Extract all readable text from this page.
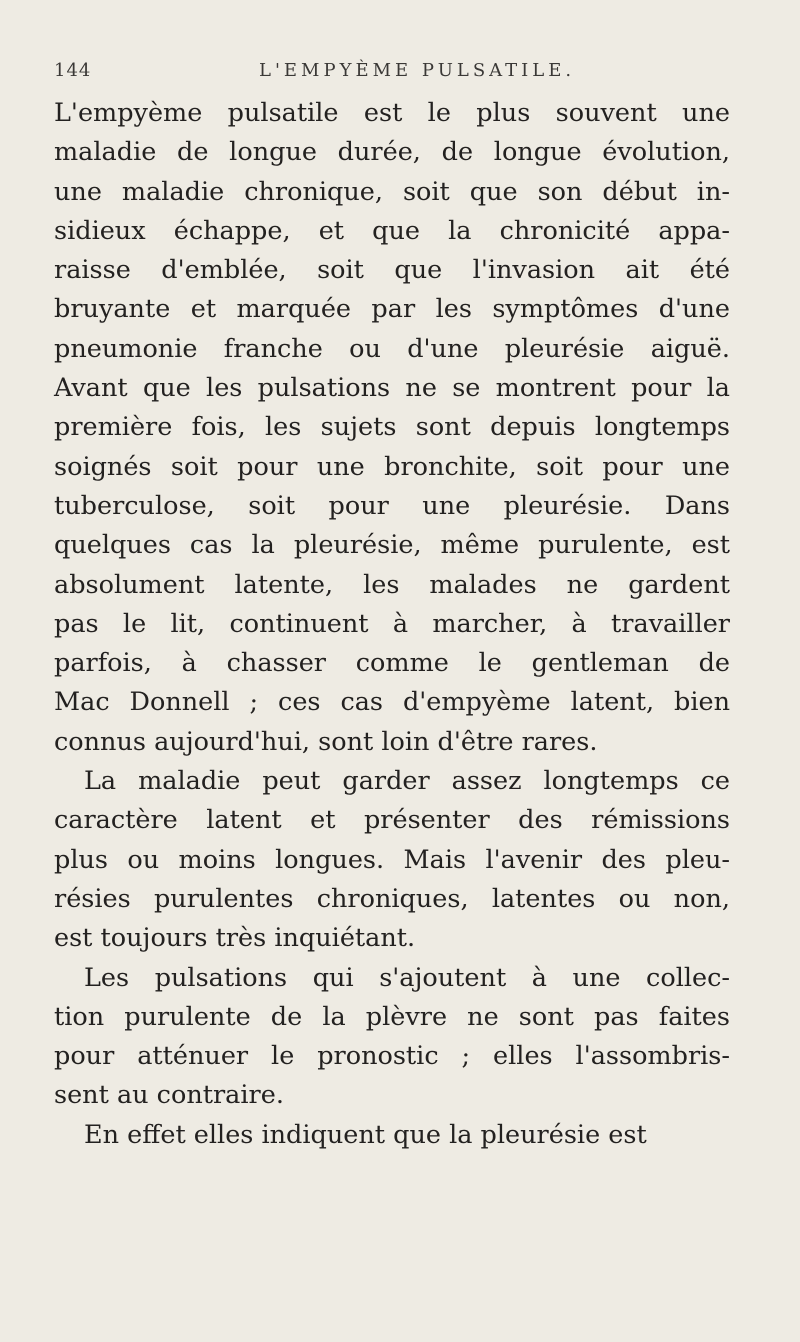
144	L'EMPYÈME PULSATILE.
L'empyème pulsatile est le plus souvent une
maladie de longue durée, de longue évolution,
une maladie chronique, soit que son début in-
sidieux échappe, et que la chronicité appa-
raisse d'emblée, soit que l'invasion ait été
bruyante et marquée par les symptômes d'une
pneumonie franche ou d'une pleurésie aiguë.
Avant que les pulsations ne se montrent pour la
première fois, les sujets sont depuis longtemps
soignés soit pour une bronchite, soit pour une
tuberculose, soit pour une pleurésie. Dans
quelques cas la pleurésie, même purulente, est
absolument latente, les malades ne gardent
pas le lit, continuent à marcher, à travailler
parfois, à chasser comme le gentleman de
Mac Donnell ; ces cas d'empyème latent, bien
connus aujourd'hui, sont loin d'être rares.
La maladie peut garder assez longtemps ce
caractère latent et présenter des rémissions
plus ou moins longues. Mais l'avenir des pleu-
résies purulentes chroniques, latentes ou non,
est toujours très inquiétant.
Les pulsations qui s'ajoutent à une collec-
tion purulente de la plèvre ne sont pas faites
pour atténuer le pronostic ; elles l'assombris-
sent au contraire.
En effet elles indiquent que la pleurésie est
